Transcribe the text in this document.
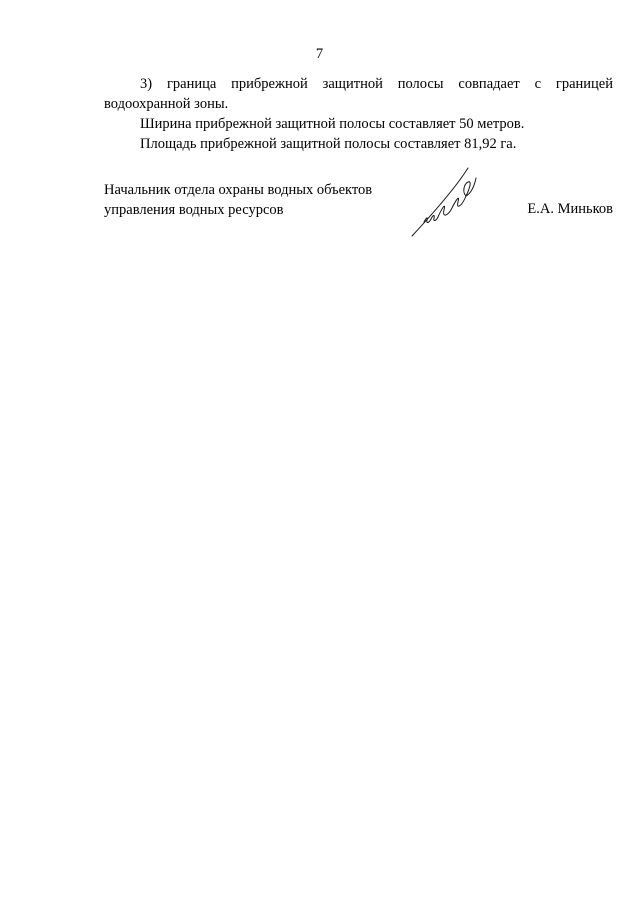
7

3) граница прибрежной защитной полосы совпадает с границей водоохранной зоны.

Ширина прибрежной защитной полосы составляет 50 метров.

Площадь прибрежной защитной полосы составляет 81,92 га.

Начальник отдела охраны водных объектов
управления водных ресурсов	Е.А. Миньков
